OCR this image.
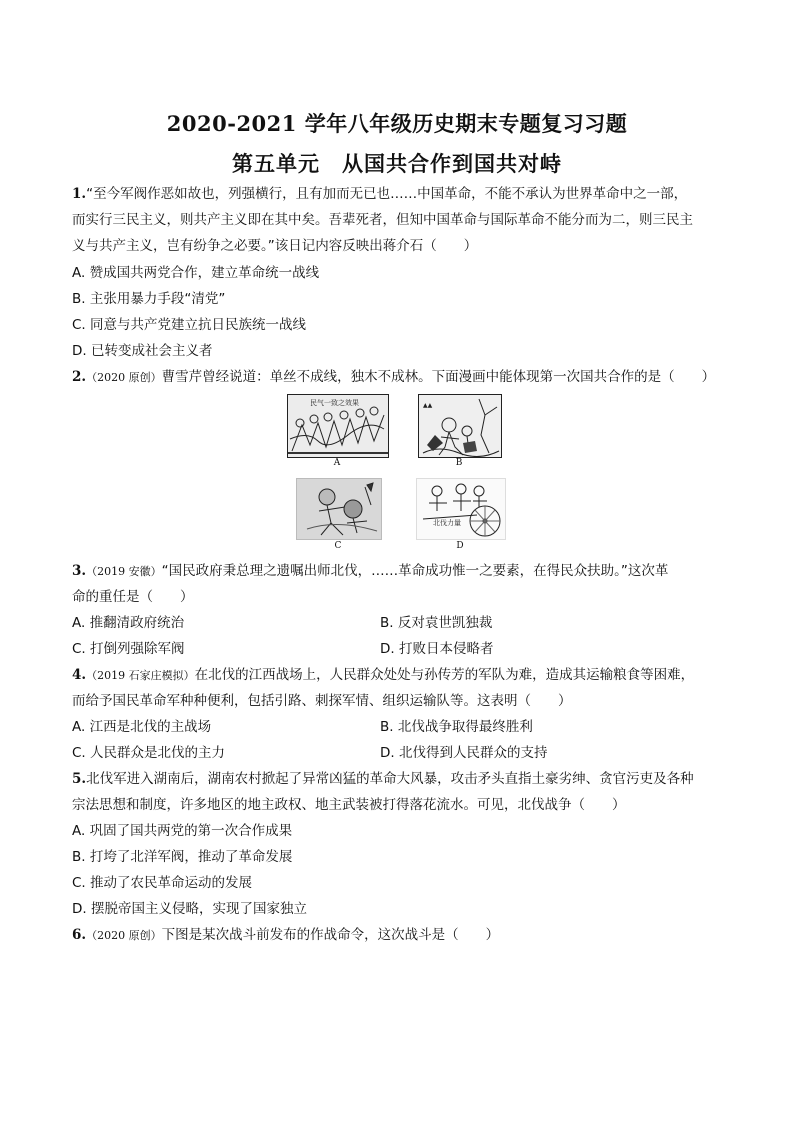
2020-2021 学年八年级历史期末专题复习习题
第五单元　从国共合作到国共对峙
1.“至今军阀作恶如故也，列强横行，且有加而无已也……中国革命，不能不承认为世界革命中之一部，
而实行三民主义，则共产主义即在其中矣。吾辈死者，但知中国革命与国际革命不能分而为二，则三民主
义与共产主义，岂有纷争之必要。”该日记内容反映出蒋介石（　　）
A. 赞成国共两党合作，建立革命统一战线
B. 主张用暴力手段“清党”
C. 同意与共产党建立抗日民族统一战线
D. 已转变成社会主义者
2.（2020 原创）曹雪芹曾经说道：单丝不成线，独木不成林。下面漫画中能体现第一次国共合作的是（　　）
民气一致之效果
A
▲▲
B
C
北伐力量
D
3.（2019 安徽）“国民政府秉总理之遗嘱出师北伐，……革命成功惟一之要素，在得民众扶助。”这次革
命的重任是（　　）
A. 推翻清政府统治	B. 反对袁世凯独裁
C. 打倒列强除军阀	D. 打败日本侵略者
4.（2019 石家庄模拟）在北伐的江西战场上，人民群众处处与孙传芳的军队为难，造成其运输粮食等困难，
而给予国民革命军种种便利，包括引路、刺探军情、组织运输队等。这表明（　　）
A. 江西是北伐的主战场	B. 北伐战争取得最终胜利
C. 人民群众是北伐的主力	D. 北伐得到人民群众的支持
5.北伐军进入湖南后，湖南农村掀起了异常凶猛的革命大风暴，攻击矛头直指土豪劣绅、贪官污吏及各种
宗法思想和制度，许多地区的地主政权、地主武装被打得落花流水。可见，北伐战争（　　）
A. 巩固了国共两党的第一次合作成果
B. 打垮了北洋军阀，推动了革命发展
C. 推动了农民革命运动的发展
D. 摆脱帝国主义侵略，实现了国家独立
6.（2020 原创）下图是某次战斗前发布的作战命令，这次战斗是（　　）
